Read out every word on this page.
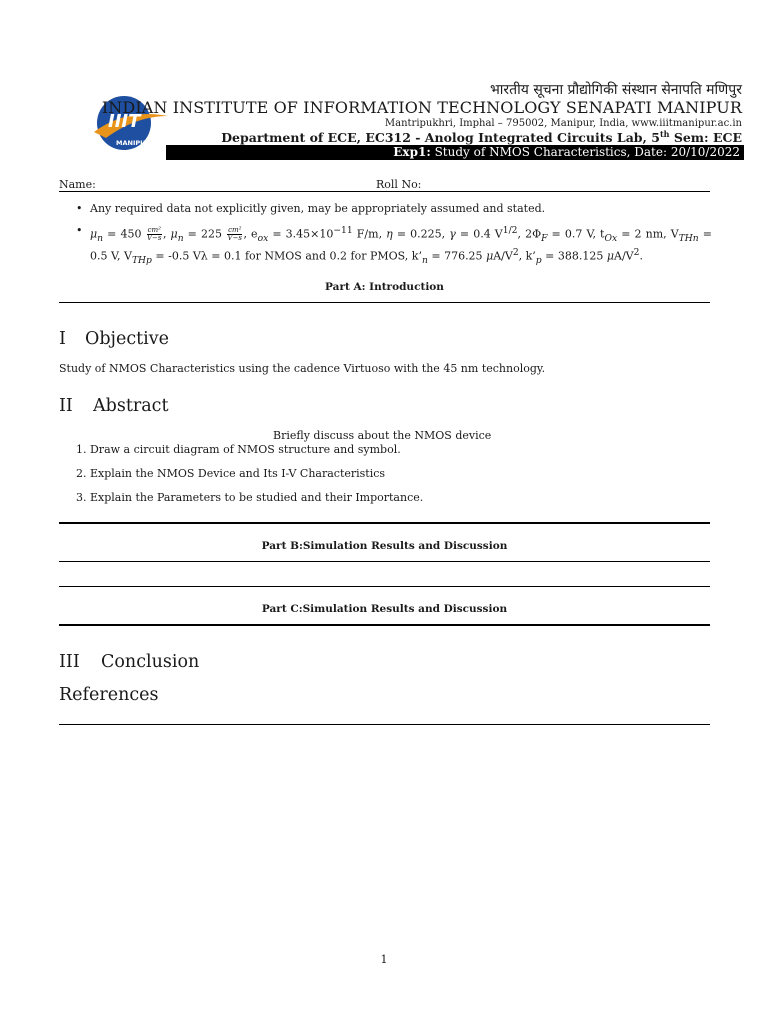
IIIT
MANIPUR
भारतीय सूचना प्रौद्योगिकी संस्थान सेनापति मणिपुर
INDIAN INSTITUTE OF INFORMATION TECHNOLOGY SENAPATI MANIPUR
Mantripukhri, Imphal – 795002, Manipur, India, www.iiitmanipur.ac.in
Department of ECE, EC312 - Anolog Integrated Circuits Lab, 5th Sem: ECE
Exp1: Study of NMOS Characteristics, Date: 20/10/2022
Name:	Roll No:
• Any required data not explicitly given, may be appropriately assumed and stated.
• $\mu_n = 450 \frac{\text{cm²}}{V-s}$ , $\mu_n = 225 \frac{\text{cm²}}{V-s}$ , $e_{ox} = 3.45\times 10^{-11}$ F/m, η = 0.225, γ = 0.4 $V^{1/2}$, $2\Phi_F = 0.7$ V, $t_{Ox} = 2$ nm, $V_{THn} = 0.5$ V, $V_{THp} = -0.5$ Vλ = 0.1 for NMOS and 0.2 for PMOS, $k’_n = 776.25$ $\mu A/V^2$, $k’_p = 388.125$ $\mu A/V^2$.
Part A: Introduction
I Objective
Study of NMOS Characteristics using the cadence Virtuoso with the 45 nm technology.
II Abstract
Briefly discuss about the NMOS device
1. Draw a circuit diagram of NMOS structure and symbol.
2. Explain the NMOS Device and Its I-V Characteristics
3. Explain the Parameters to be studied and their Importance.
Part B:Simulation Results and Discussion
Part C:Simulation Results and Discussion
III Conclusion
References
1
